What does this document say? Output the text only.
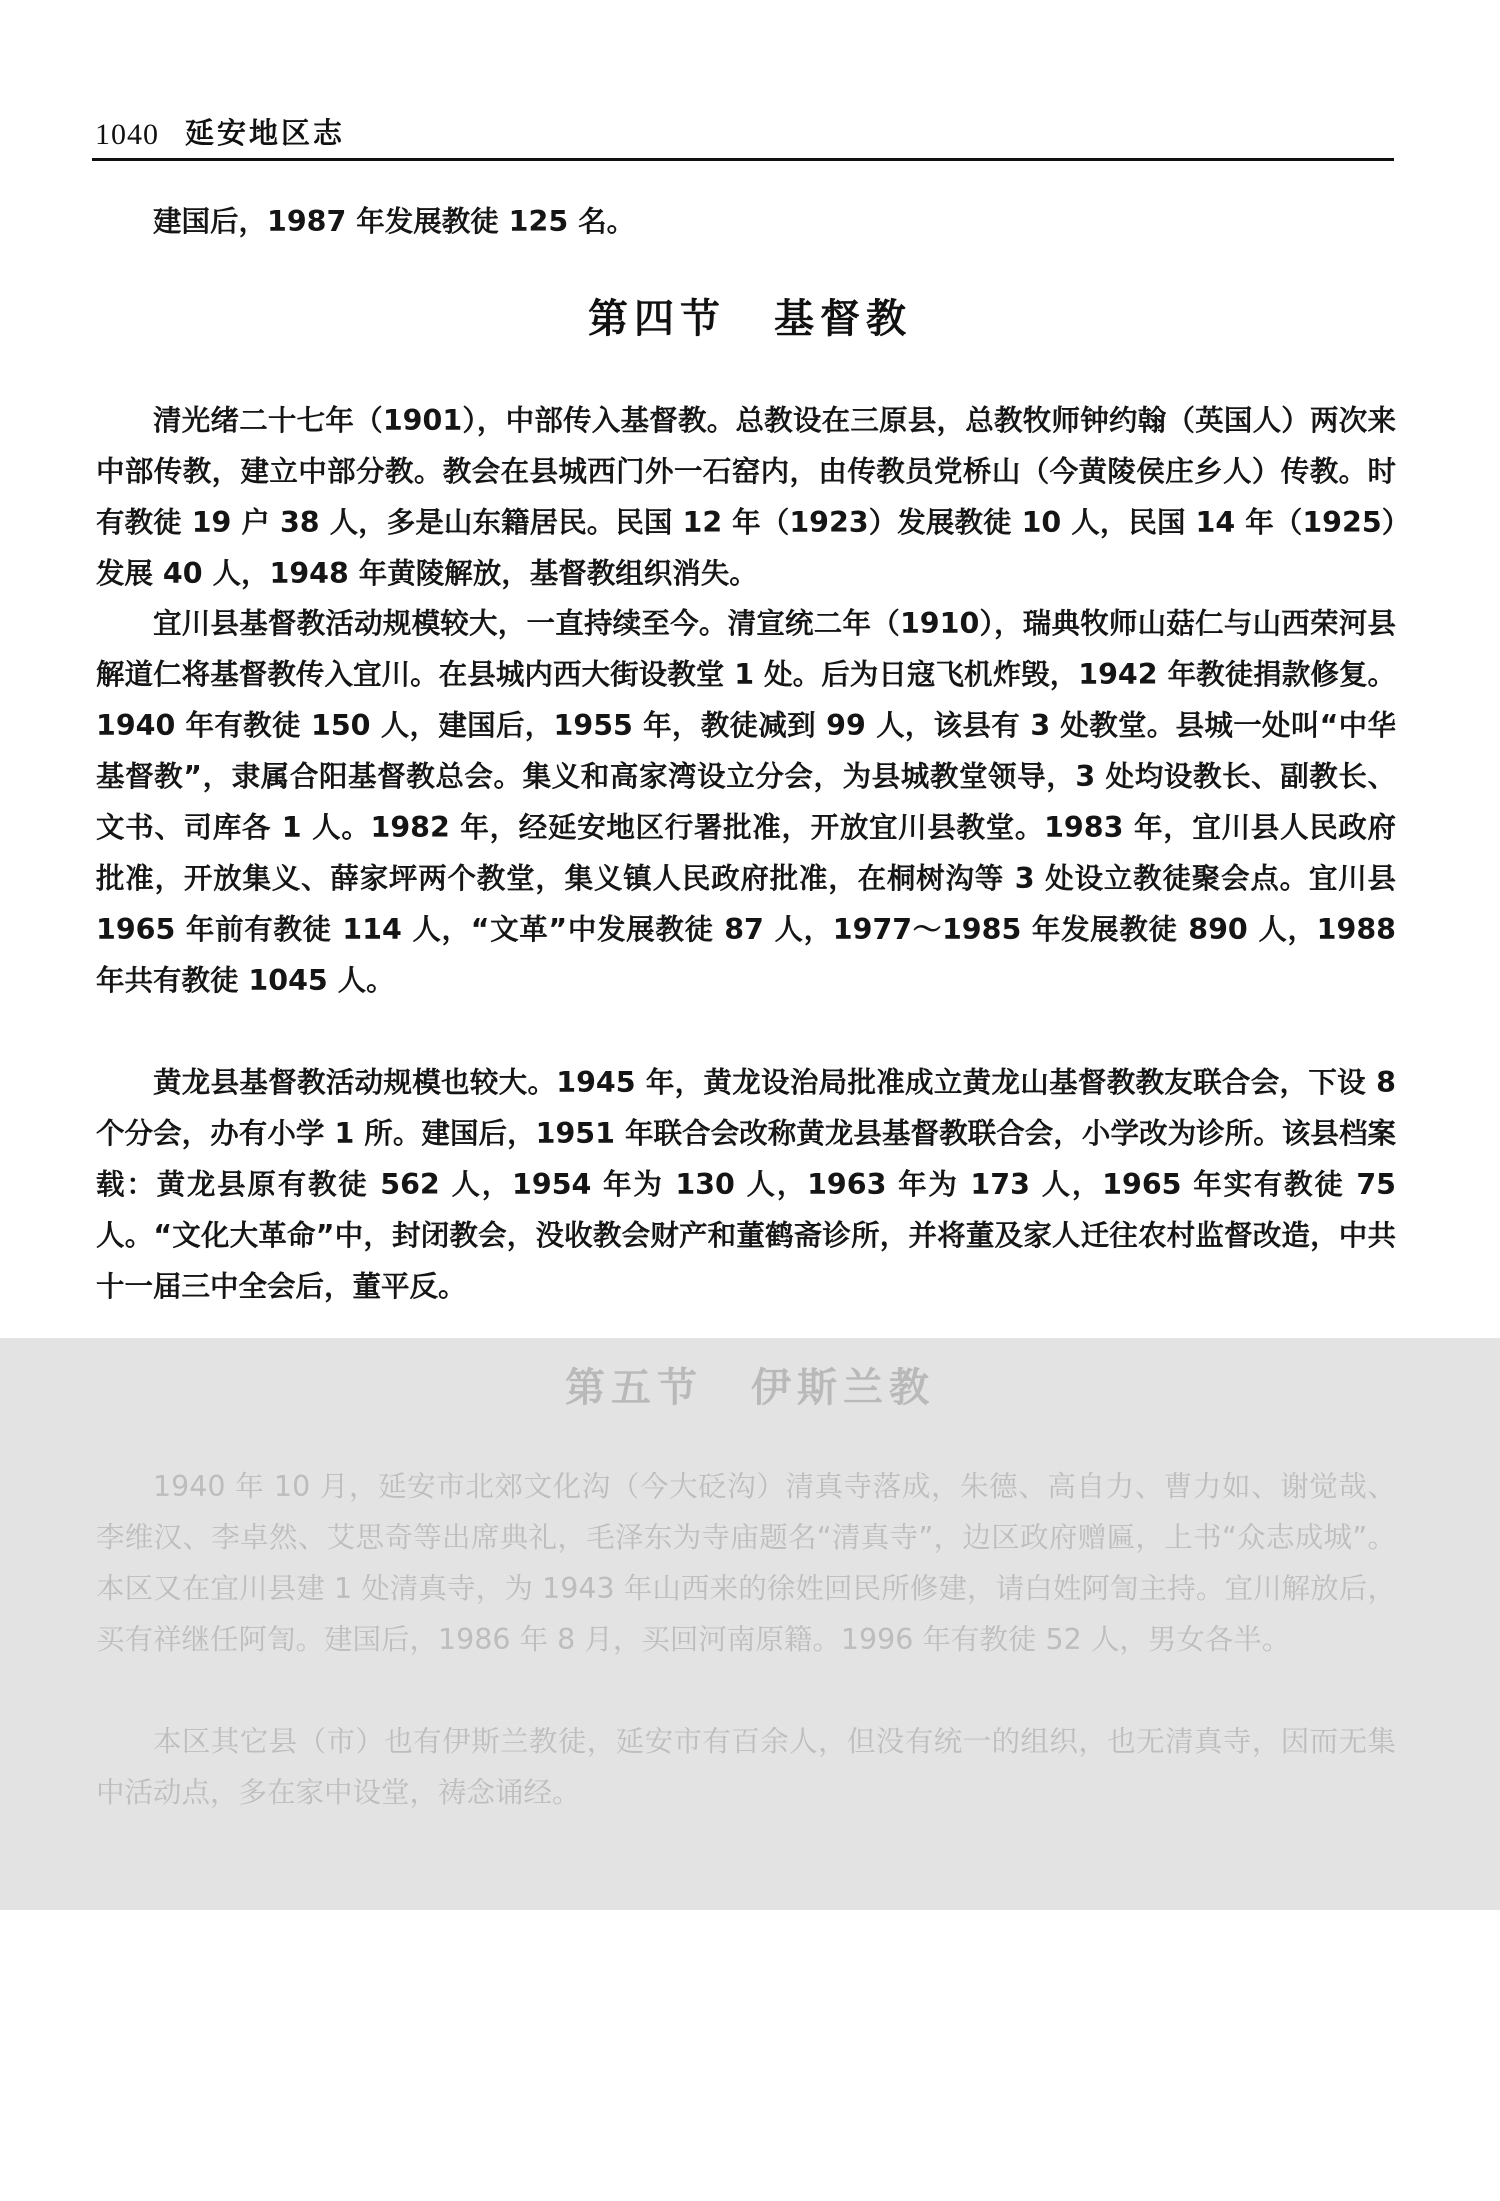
1040 延安地区志

建国后，1987 年发展教徒 125 名。

第四节 基督教

清光绪二十七年（1901），中部传入基督教。总教设在三原县，总教牧师钟约翰（英国人）两次来中部传教，建立中部分教。教会在县城西门外一石窑内，由传教员党桥山（今黄陵侯庄乡人）传教。时有教徒 19 户 38 人，多是山东籍居民。民国 12 年（1923）发展教徒 10 人，民国 14 年（1925）发展 40 人，1948 年黄陵解放，基督教组织消失。

宜川县基督教活动规模较大，一直持续至今。清宣统二年（1910），瑞典牧师山菇仁与山西荣河县解道仁将基督教传入宜川。在县城内西大街设教堂 1 处。后为日寇飞机炸毁，1942 年教徒捐款修复。1940 年有教徒 150 人，建国后，1955 年，教徒减到 99 人，该县有 3 处教堂。县城一处叫“中华基督教”，隶属合阳基督教总会。集义和高家湾设立分会，为县城教堂领导，3 处均设教长、副教长、文书、司库各 1 人。1982 年，经延安地区行署批准，开放宜川县教堂。1983 年，宜川县人民政府批准，开放集义、薛家坪两个教堂，集义镇人民政府批准，在桐树沟等 3 处设立教徒聚会点。宜川县 1965 年前有教徒 114 人，“文革”中发展教徒 87 人，1977～1985 年发展教徒 890 人，1988 年共有教徒 1045 人。

黄龙县基督教活动规模也较大。1945 年，黄龙设治局批准成立黄龙山基督教教友联合会，下设 8 个分会，办有小学 1 所。建国后，1951 年联合会改称黄龙县基督教联合会，小学改为诊所。该县档案载：黄龙县原有教徒 562 人，1954 年为 130 人，1963 年为 173 人，1965 年实有教徒 75 人。“文化大革命”中，封闭教会，没收教会财产和董鹤斋诊所，并将董及家人迁往农村监督改造，中共十一届三中全会后，董平反。

第五节 伊斯兰教

1940 年 10 月，延安市北郊文化沟（今大砭沟）清真寺落成，朱德、高自力、曹力如、谢觉哉、李维汉、李卓然、艾思奇等出席典礼，毛泽东为寺庙题名“清真寺”，边区政府赠匾，上书“众志成城”。本区又在宜川县建 1 处清真寺，为 1943 年山西来的徐姓回民所修建，请白姓阿訇主持。宜川解放后，买有祥继任阿訇。建国后，1986 年 8 月，买回河南原籍。1996 年有教徒 52 人，男女各半。

本区其它县（市）也有伊斯兰教徒，延安市有百余人，但没有统一的组织，也无清真寺，因而无集中活动点，多在家中设堂，祷念诵经。
